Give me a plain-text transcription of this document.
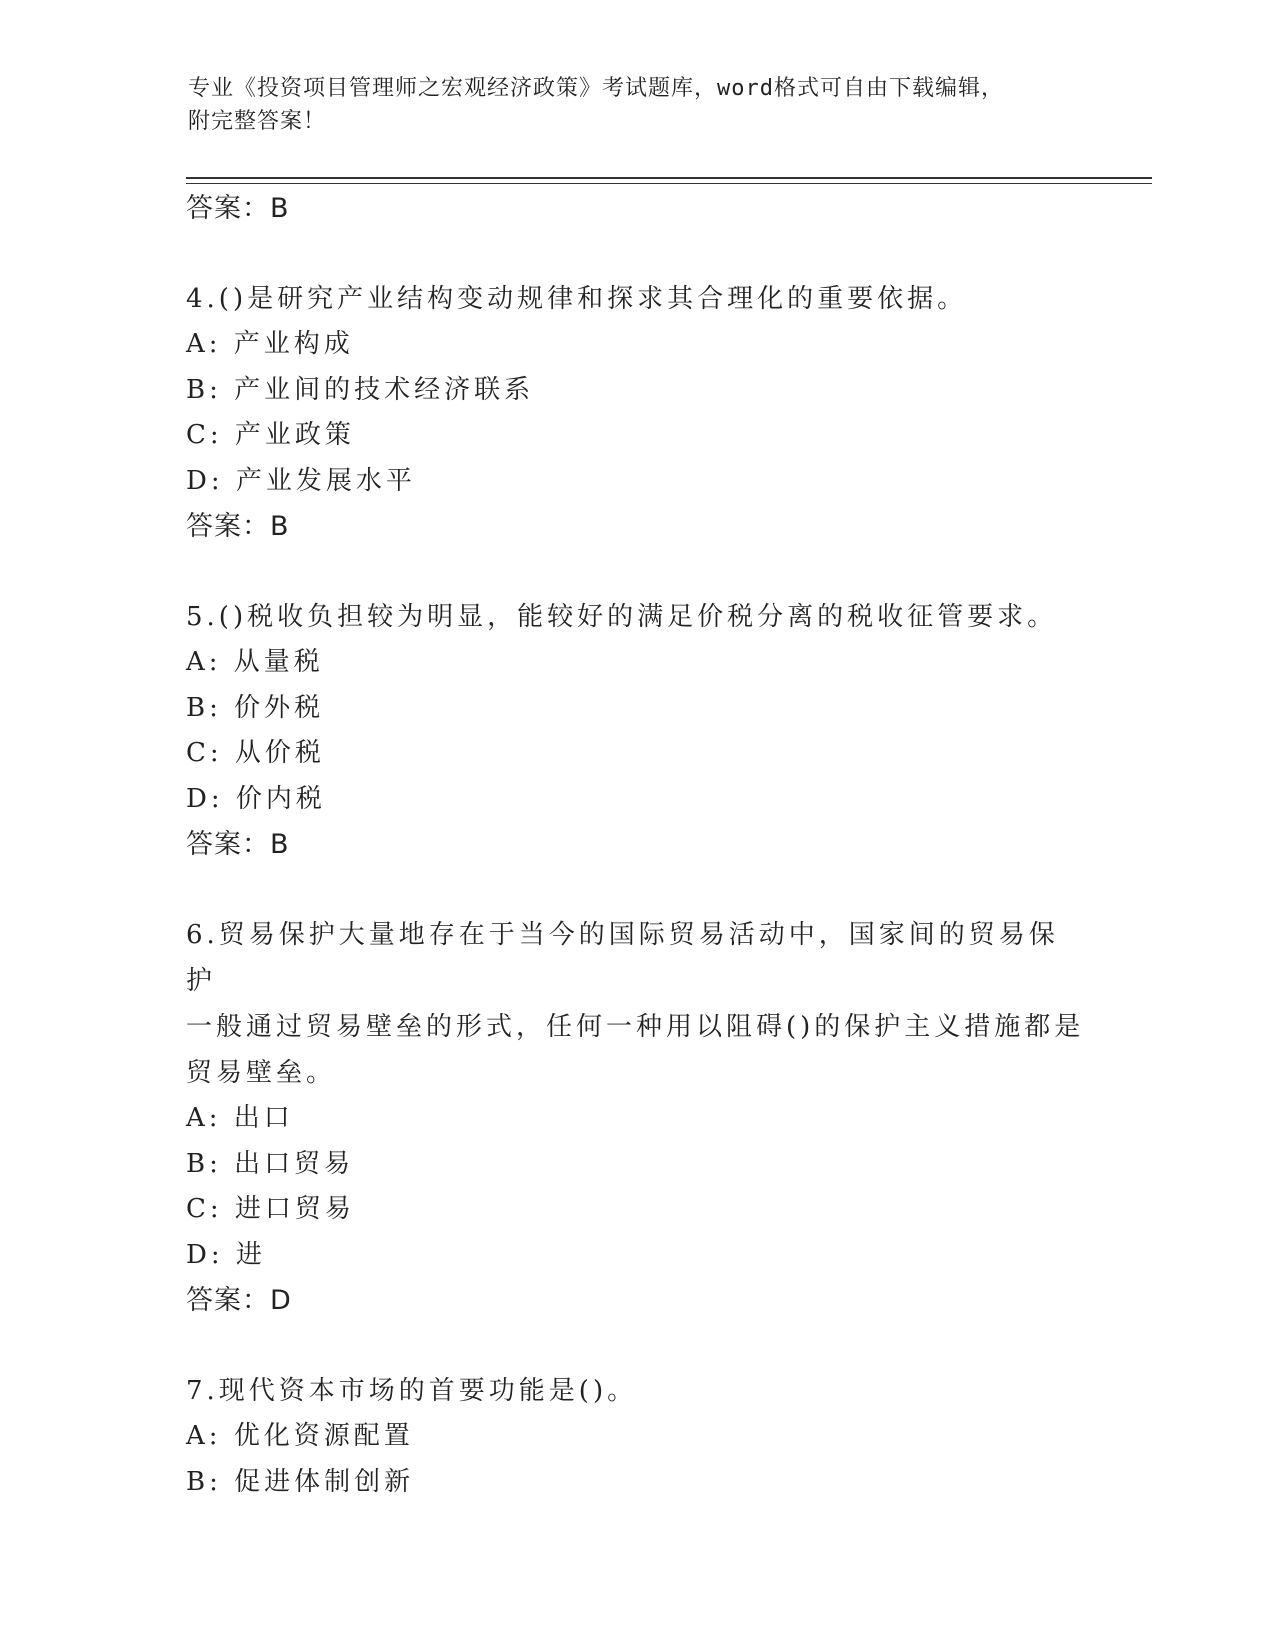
专业《投资项目管理师之宏观经济政策》考试题库，word格式可自由下载编辑，
附完整答案！

答案：B

4.()是研究产业结构变动规律和探求其合理化的重要依据。

A: 产业构成

B: 产业间的技术经济联系

C: 产业政策

D: 产业发展水平

答案：B

5.()税收负担较为明显，能较好的满足价税分离的税收征管要求。

A: 从量税

B: 价外税

C: 从价税

D: 价内税

答案：B

6.贸易保护大量地存在于当今的国际贸易活动中，国家间的贸易保护

一般通过贸易壁垒的形式，任何一种用以阻碍()的保护主义措施都是

贸易壁垒。

A: 出口

B: 出口贸易

C: 进口贸易

D: 进

答案：D

7.现代资本市场的首要功能是()。

A: 优化资源配置

B: 促进体制创新
